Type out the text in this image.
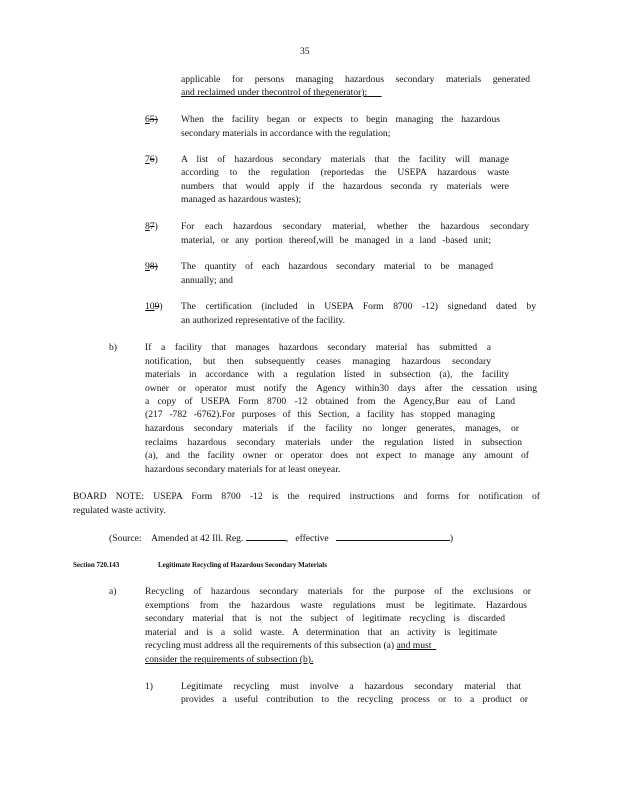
35
applicable for persons managing hazardous secondary materials generated
and reclaimed under thecontrol of thegenerator);
65) When the facility began or expects to begin managing the hazardous
secondary materials in accordance with the regulation;
76) A list of hazardous secondary materials that the facility will manage
according to the regulation (reportedas the USEPA hazardous waste
numbers that would apply if the hazardous seconda ry materials were
managed as hazardous wastes);
87) For each hazardous secondary material, whether the hazardous secondary
material, or any portion thereof,will be managed in a land -based unit;
98) The quantity of each hazardous secondary material to be managed
annually; and
109) The certification (included in USEPA Form 8700 -12) signedand dated by
an authorized representative of the facility.
b)	If a facility that manages hazardous secondary material has submitted a
notification, but then subsequently ceases managing hazardous secondary
materials in accordance with a regulation listed in subsection (a), the facility
owner or operator must notify the Agency within30 days after the cessation using
a copy of USEPA Form 8700 -12 obtained from the Agency,Bur eau of Land
(217 -782 -6762).For purposes of this Section, a facility has stopped managing
hazardous secondary materials if the facility no longer generates, manages, or
reclaims hazardous secondary materials under the regulation listed in subsection
(a), and the facility owner or operator does not expect to manage any amount of
hazardous secondary materials for at least oneyear.
BOARD NOTE: USEPA Form 8700 -12 is the required instructions and forms for notification of
regulated waste activity.
(Source: Amended at 42 Ill. Reg.	, effective	)
Section 720.143	Legitimate Recycling of Hazardous Secondary Materials
a)	Recycling of hazardous secondary materials for the purpose of the exclusions or
exemptions from the hazardous waste regulations must be legitimate. Hazardous
secondary material that is not the subject of legitimate recycling is discarded
material and is a solid waste. A determination that an activity is legitimate
recycling must address all the requirements of this subsection (a) and must
consider the requirements of subsection (b).
1)	Legitimate recycling must involve a hazardous secondary material that
provides a useful contribution to the recycling process or to a product or
